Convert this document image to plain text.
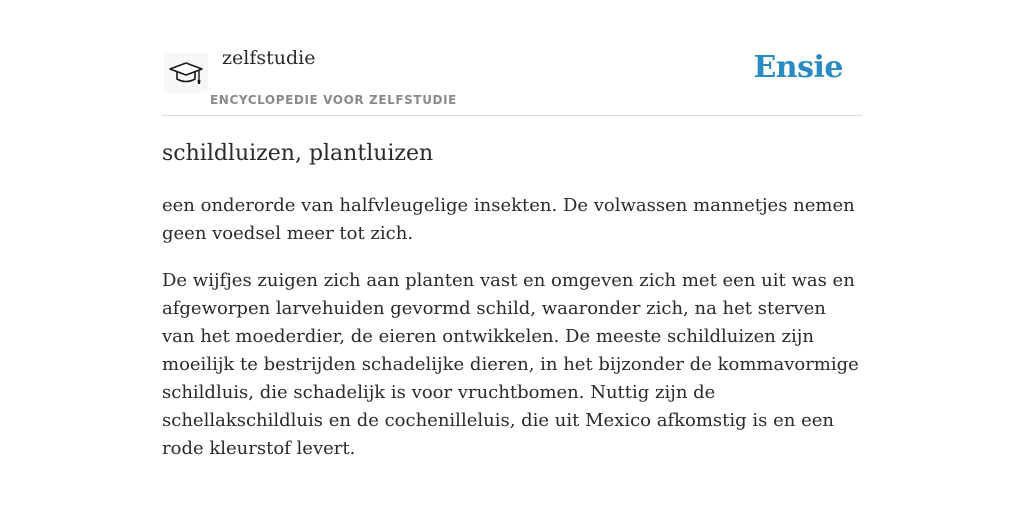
zelfstudie
ENCYCLOPEDIE VOOR ZELFSTUDIE
Ensie
schildluizen, plantluizen

een onderorde van halfvleugelige insekten. De volwassen mannetjes nemen geen voedsel meer tot zich.

De wijfjes zuigen zich aan planten vast en omgeven zich met een uit was en afgeworpen larvehuiden gevormd schild, waaronder zich, na het sterven van het moederdier, de eieren ontwikkelen. De meeste schildluizen zijn moeilijk te bestrijden schadelijke dieren, in het bijzonder de kommavormige schildluis, die schadelijk is voor vruchtbomen. Nuttig zijn de schellakschildluis en de cochenilleluis, die uit Mexico afkomstig is en een rode kleurstof levert.
